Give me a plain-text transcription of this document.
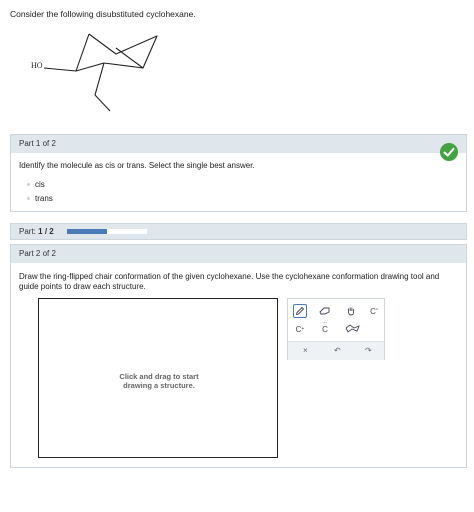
Consider the following disubstituted cyclohexane.
HO
Part 1 of 2
Identify the molecule as cis or trans. Select the single best answer.
cis
trans
Part: 1 / 2
Part 2 of 2
Draw the ring-flipped chair conformation of the given cyclohexane. Use the cyclohexane conformation drawing tool and guide points to draw each structure.
Click and drag to start
drawing a structure.
C °
C +
··
C
×	↶	↷
